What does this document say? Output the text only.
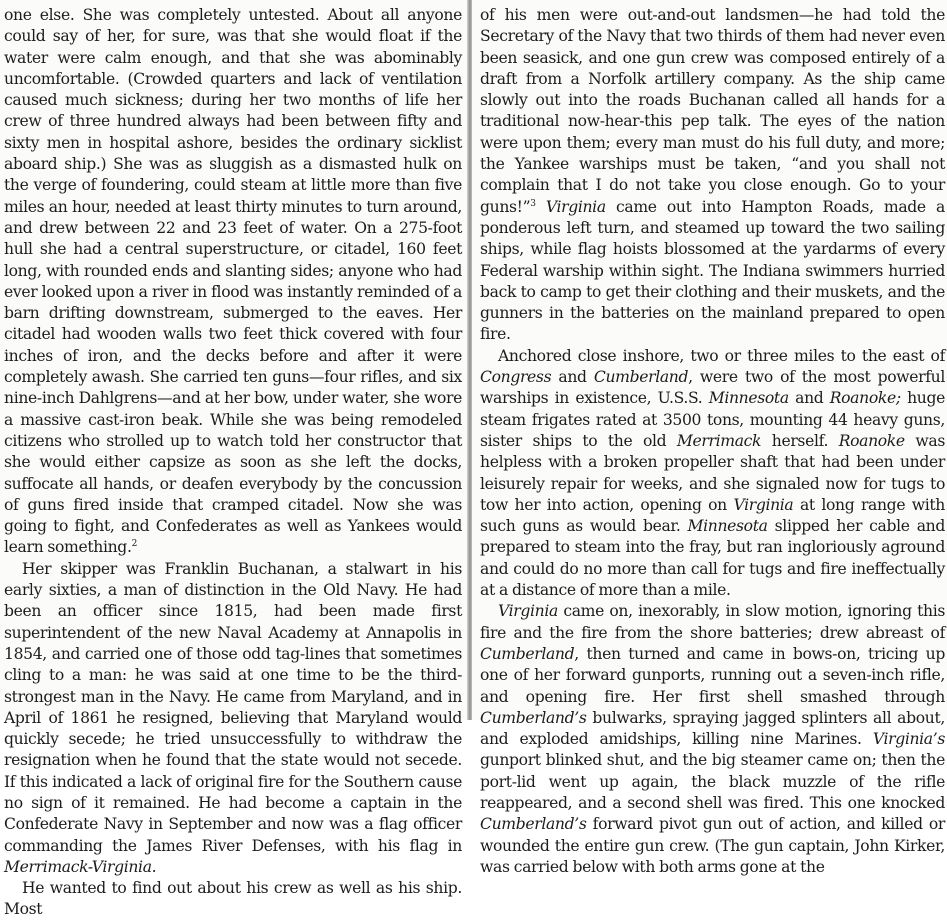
one else. She was completely untested. About all anyone could say of her, for sure, was that she would float if the water were calm enough, and that she was abominably uncomfortable. (Crowded quarters and lack of ventilation caused much sickness; during her two months of life her crew of three hundred always had been between fifty and sixty men in hospital ashore, besides the ordinary sicklist aboard ship.) She was as sluggish as a dismasted hulk on the verge of foundering, could steam at little more than five miles an hour, needed at least thirty minutes to turn around, and drew between 22 and 23 feet of water. On a 275-foot hull she had a central superstructure, or citadel, 160 feet long, with rounded ends and slanting sides; anyone who had ever looked upon a river in flood was instantly reminded of a barn drifting downstream, submerged to the eaves. Her citadel had wooden walls two feet thick covered with four inches of iron, and the decks before and after it were completely awash. She carried ten guns—four rifles, and six nine-inch Dahlgrens—and at her bow, under water, she wore a massive cast-iron beak. While she was being remodeled citizens who strolled up to watch told her constructor that she would either capsize as soon as she left the docks, suffocate all hands, or deafen everybody by the concussion of guns fired inside that cramped citadel. Now she was going to fight, and Confederates as well as Yankees would learn something.$^2$

Her skipper was Franklin Buchanan, a stalwart in his early sixties, a man of distinction in the Old Navy. He had been an officer since 1815, had been made first superintendent of the new Naval Academy at Annapolis in 1854, and carried one of those odd tag-lines that sometimes cling to a man: he was said at one time to be the third-strongest man in the Navy. He came from Maryland, and in April of 1861 he resigned, believing that Maryland would quickly secede; he tried unsuccessfully to withdraw the resignation when he found that the state would not secede. If this indicated a lack of original fire for the Southern cause no sign of it remained. He had become a captain in the Confederate Navy in September and now was a flag officer commanding the James River Defenses, with his flag in Merrimack-Virginia.

He wanted to find out about his crew as well as his ship. Most

of his men were out-and-out landsmen—he had told the Secretary of the Navy that two thirds of them had never even been seasick, and one gun crew was composed entirely of a draft from a Norfolk artillery company. As the ship came slowly out into the roads Buchanan called all hands for a traditional now-hear-this pep talk. The eyes of the nation were upon them; every man must do his full duty, and more; the Yankee warships must be taken, “and you shall not complain that I do not take you close enough. Go to your guns!”$^3$ Virginia came out into Hampton Roads, made a ponderous left turn, and steamed up toward the two sailing ships, while flag hoists blossomed at the yardarms of every Federal warship within sight. The Indiana swimmers hurried back to camp to get their clothing and their muskets, and the gunners in the batteries on the mainland prepared to open fire.

Anchored close inshore, two or three miles to the east of Congress and Cumberland, were two of the most powerful warships in existence, U.S.S. Minnesota and Roanoke; huge steam frigates rated at 3500 tons, mounting 44 heavy guns, sister ships to the old Merrimack herself. Roanoke was helpless with a broken propeller shaft that had been under leisurely repair for weeks, and she signaled now for tugs to tow her into action, opening on Virginia at long range with such guns as would bear. Minnesota slipped her cable and prepared to steam into the fray, but ran ingloriously aground and could do no more than call for tugs and fire ineffectually at a distance of more than a mile.

Virginia came on, inexorably, in slow motion, ignoring this fire and the fire from the shore batteries; drew abreast of Cumberland, then turned and came in bows-on, tricing up one of her forward gunports, running out a seven-inch rifle, and opening fire. Her first shell smashed through Cumberland’s bulwarks, spraying jagged splinters all about, and exploded amidships, killing nine Marines. Virginia’s gunport blinked shut, and the big steamer came on; then the port-lid went up again, the black muzzle of the rifle reappeared, and a second shell was fired. This one knocked Cumberland’s forward pivot gun out of action, and killed or wounded the entire gun crew. (The gun captain, John Kirker, was carried below with both arms gone at the
